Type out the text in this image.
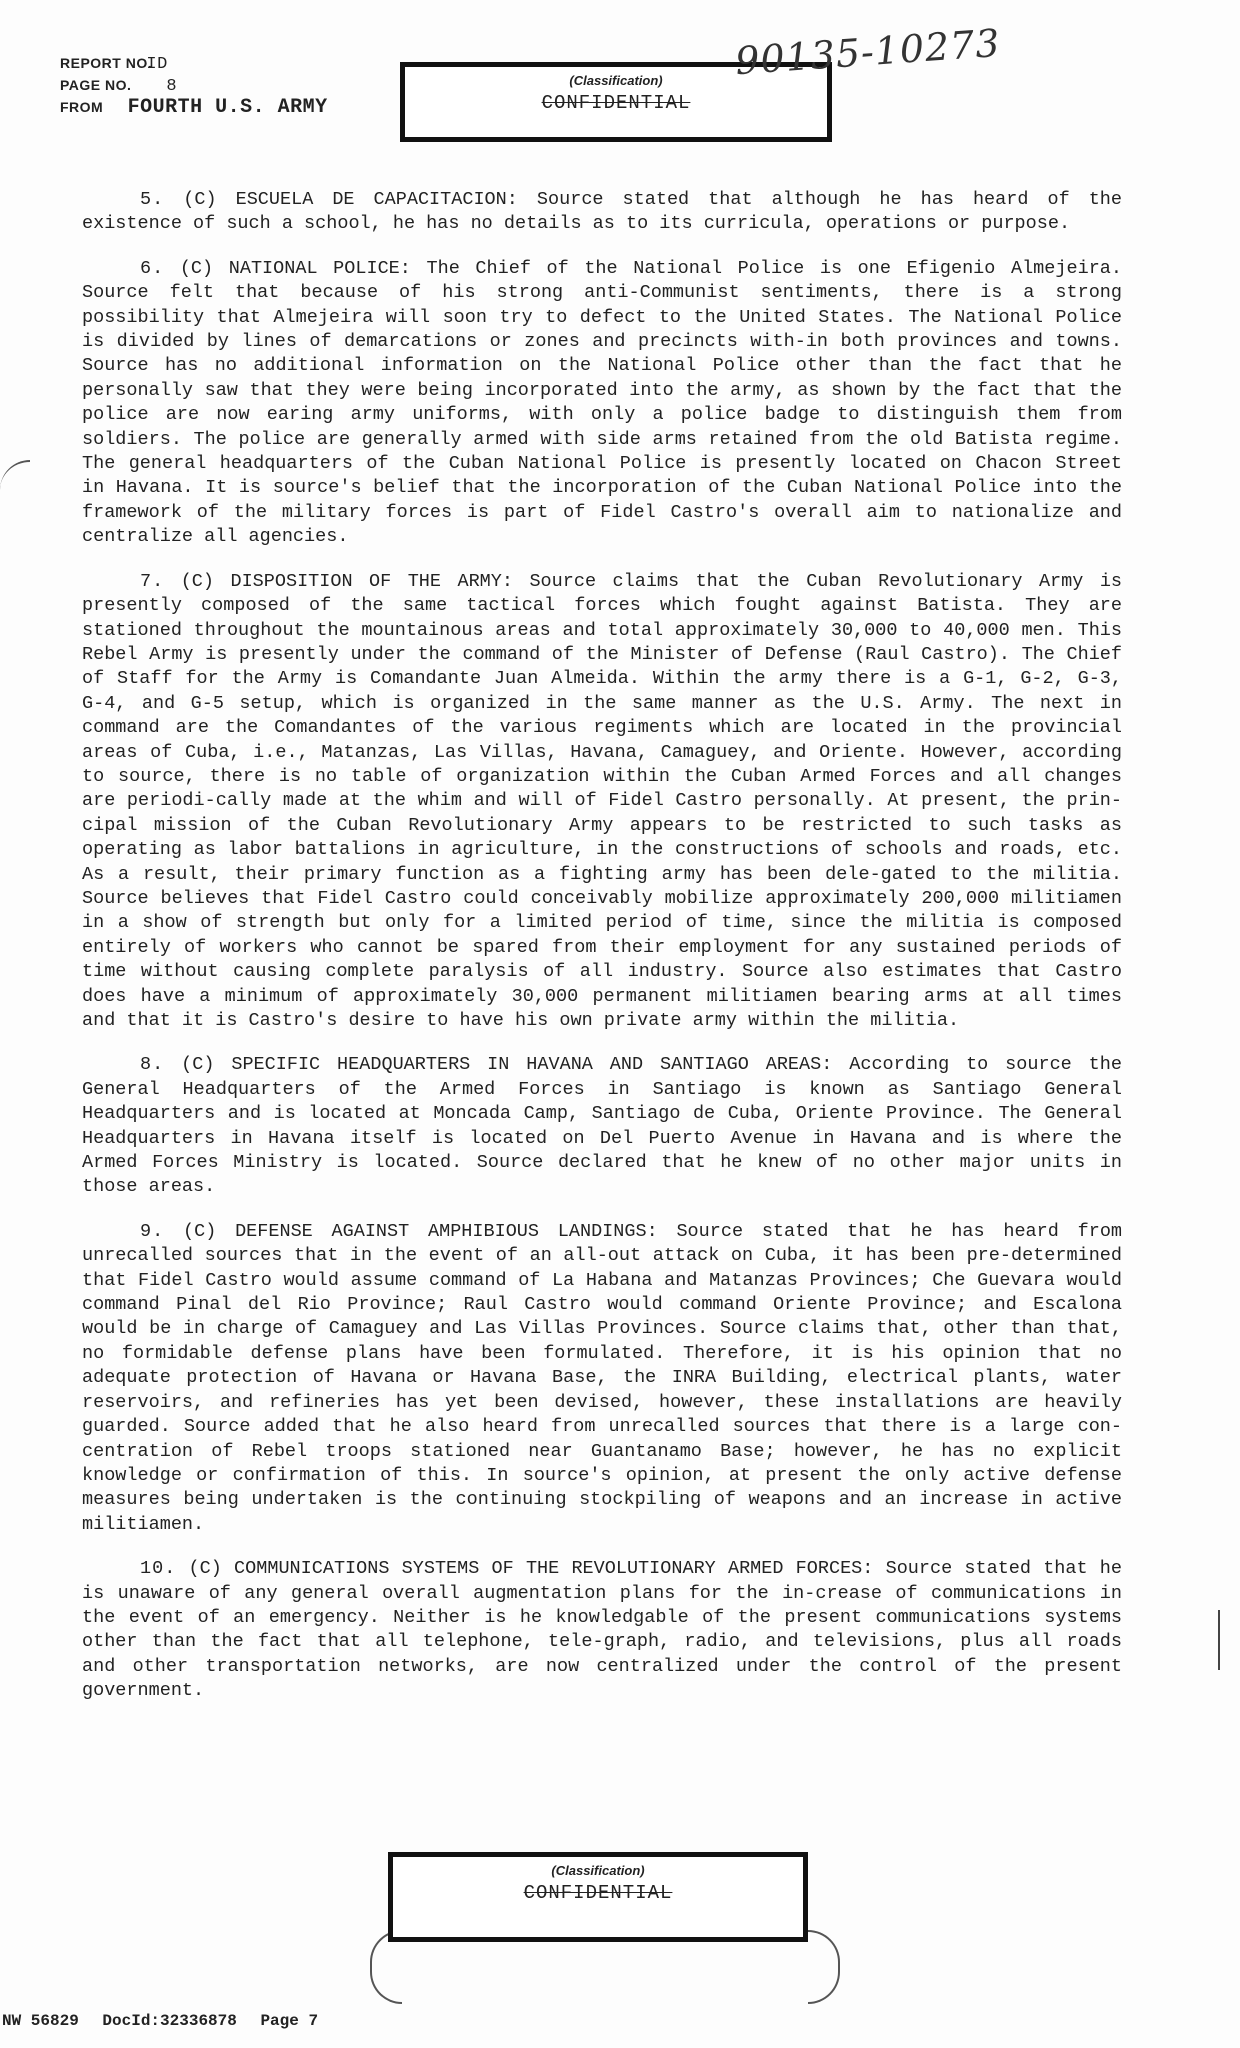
REPORT NO. ID
PAGE NO. 8
FROM FOURTH U.S. ARMY
(Classification)
CONFIDENTIAL
90135-10273

5. (C) ESCUELA DE CAPACITACION: Source stated that although he has heard of the existence of such a school, he has no details as to its curricula, operations or purpose.

6. (C) NATIONAL POLICE: The Chief of the National Police is one Efigenio Almejeira. Source felt that because of his strong anti-Communist sentiments, there is a strong possibility that Almejeira will soon try to defect to the United States. The National Police is divided by lines of demarcations or zones and precincts with-in both provinces and towns. Source has no additional information on the National Police other than the fact that he personally saw that they were being incorporated into the army, as shown by the fact that the police are now earing army uniforms, with only a police badge to distinguish them from soldiers. The police are generally armed with side arms retained from the old Batista regime. The general headquarters of the Cuban National Police is presently located on Chacon Street in Havana. It is source's belief that the incorporation of the Cuban National Police into the framework of the military forces is part of Fidel Castro's overall aim to nationalize and centralize all agencies.

7. (C) DISPOSITION OF THE ARMY: Source claims that the Cuban Revolutionary Army is presently composed of the same tactical forces which fought against Batista. They are stationed throughout the mountainous areas and total approximately 30,000 to 40,000 men. This Rebel Army is presently under the command of the Minister of Defense (Raul Castro). The Chief of Staff for the Army is Comandante Juan Almeida. Within the army there is a G-1, G-2, G-3, G-4, and G-5 setup, which is organized in the same manner as the U.S. Army. The next in command are the Comandantes of the various regiments which are located in the provincial areas of Cuba, i.e., Matanzas, Las Villas, Havana, Camaguey, and Oriente. However, according to source, there is no table of organization within the Cuban Armed Forces and all changes are periodi-cally made at the whim and will of Fidel Castro personally. At present, the prin-cipal mission of the Cuban Revolutionary Army appears to be restricted to such tasks as operating as labor battalions in agriculture, in the constructions of schools and roads, etc. As a result, their primary function as a fighting army has been dele-gated to the militia. Source believes that Fidel Castro could conceivably mobilize approximately 200,000 militiamen in a show of strength but only for a limited period of time, since the militia is composed entirely of workers who cannot be spared from their employment for any sustained periods of time without causing complete paralysis of all industry. Source also estimates that Castro does have a minimum of approximately 30,000 permanent militiamen bearing arms at all times and that it is Castro's desire to have his own private army within the militia.

8. (C) SPECIFIC HEADQUARTERS IN HAVANA AND SANTIAGO AREAS: According to source the General Headquarters of the Armed Forces in Santiago is known as Santiago General Headquarters and is located at Moncada Camp, Santiago de Cuba, Oriente Province. The General Headquarters in Havana itself is located on Del Puerto Avenue in Havana and is where the Armed Forces Ministry is located. Source declared that he knew of no other major units in those areas.

9. (C) DEFENSE AGAINST AMPHIBIOUS LANDINGS: Source stated that he has heard from unrecalled sources that in the event of an all-out attack on Cuba, it has been pre-determined that Fidel Castro would assume command of La Habana and Matanzas Provinces; Che Guevara would command Pinal del Rio Province; Raul Castro would command Oriente Province; and Escalona would be in charge of Camaguey and Las Villas Provinces. Source claims that, other than that, no formidable defense plans have been formulated. Therefore, it is his opinion that no adequate protection of Havana or Havana Base, the INRA Building, electrical plants, water reservoirs, and refineries has yet been devised, however, these installations are heavily guarded. Source added that he also heard from unrecalled sources that there is a large con-centration of Rebel troops stationed near Guantanamo Base; however, he has no explicit knowledge or confirmation of this. In source's opinion, at present the only active defense measures being undertaken is the continuing stockpiling of weapons and an increase in active militiamen.

10. (C) COMMUNICATIONS SYSTEMS OF THE REVOLUTIONARY ARMED FORCES: Source stated that he is unaware of any general overall augmentation plans for the in-crease of communications in the event of an emergency. Neither is he knowledgable of the present communications systems other than the fact that all telephone, tele-graph, radio, and televisions, plus all roads and other transportation networks, are now centralized under the control of the present government.

(Classification)
CONFIDENTIAL
NW 56829 DocId:32336878 Page 7
